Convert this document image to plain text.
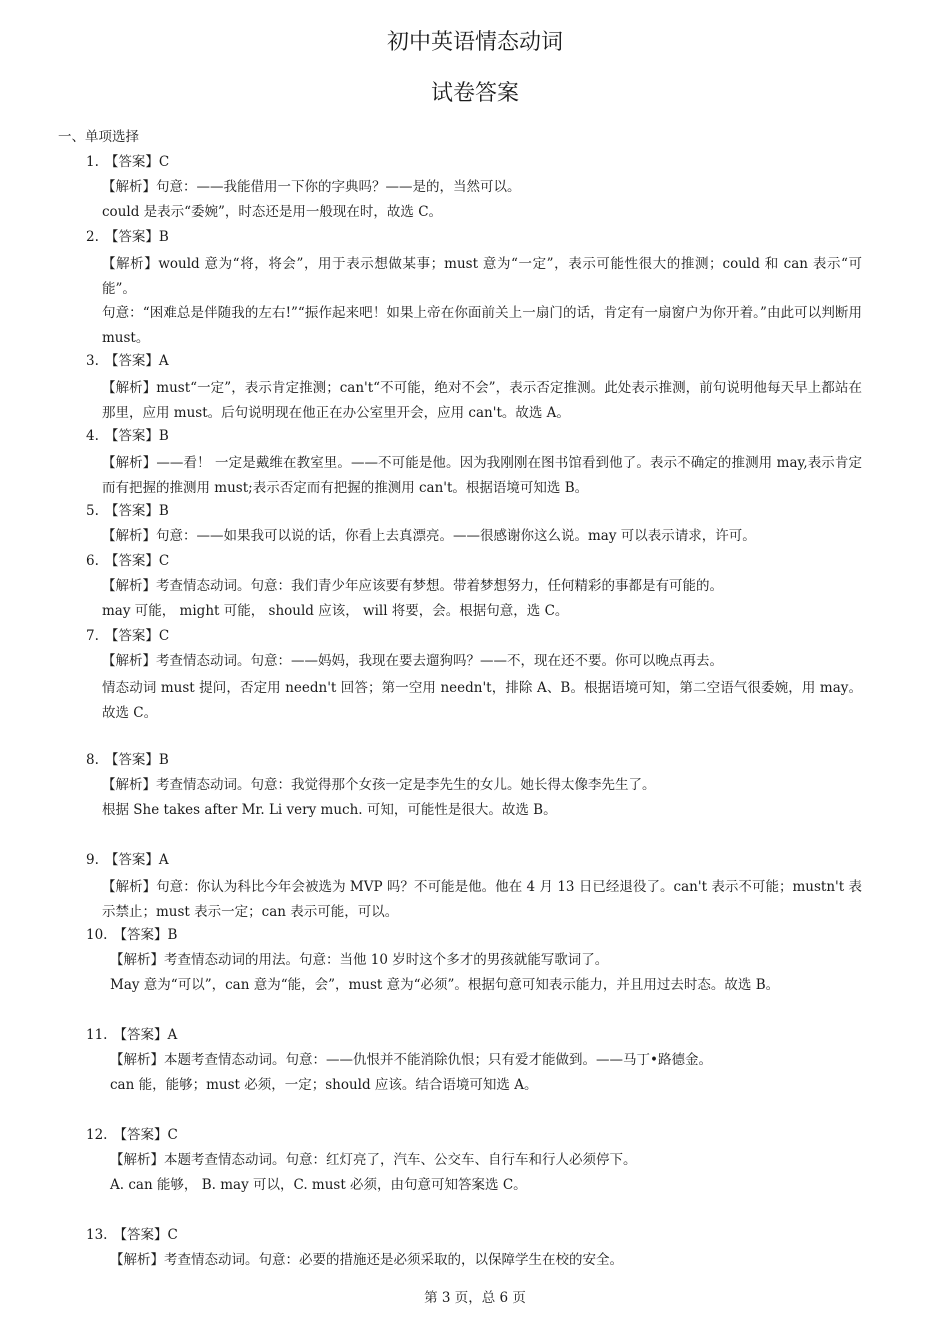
初中英语情态动词
试卷答案
一、单项选择
1. 【答案】C
【解析】句意：——我能借用一下你的字典吗？——是的，当然可以。
could 是表示“委婉”，时态还是用一般现在时，故选 C。
2. 【答案】B
【解析】would 意为“将，将会”，用于表示想做某事；must 意为“一定”，表示可能性很大的推测；could 和 can 表示“可能”。
句意：“困难总是伴随我的左右!”“振作起来吧！如果上帝在你面前关上一扇门的话，肯定有一扇窗户为你开着。”由此可以判断用 must。
3. 【答案】A
【解析】must“一定”，表示肯定推测；can't“不可能，绝对不会”，表示否定推测。此处表示推测，前句说明他每天早上都站在那里，应用 must。后句说明现在他正在办公室里开会，应用 can't。故选 A。
4. 【答案】B
【解析】——看！ 一定是戴维在教室里。——不可能是他。因为我刚刚在图书馆看到他了。表示不确定的推测用 may,表示肯定而有把握的推测用 must;表示否定而有把握的推测用 can't。根据语境可知选 B。
5. 【答案】B
【解析】句意：——如果我可以说的话，你看上去真漂亮。——很感谢你这么说。may 可以表示请求，许可。
6. 【答案】C
【解析】考查情态动词。句意：我们青少年应该要有梦想。带着梦想努力，任何精彩的事都是有可能的。
may 可能， might 可能， should 应该， will 将要，会。根据句意，选 C。
7. 【答案】C
【解析】考查情态动词。句意：——妈妈，我现在要去遛狗吗？——不，现在还不要。你可以晚点再去。
情态动词 must 提问，否定用 needn't 回答；第一空用 needn't，排除 A、B。根据语境可知，第二空语气很委婉，用 may。故选 C。
8. 【答案】B
【解析】考查情态动词。句意：我觉得那个女孩一定是李先生的女儿。她长得太像李先生了。
根据 She takes after Mr. Li very much. 可知，可能性是很大。故选 B。
9. 【答案】A
【解析】句意：你认为科比今年会被选为 MVP 吗？不可能是他。他在 4 月 13 日已经退役了。can't 表示不可能；mustn't 表示禁止；must 表示一定；can 表示可能，可以。
10. 【答案】B
【解析】考查情态动词的用法。句意：当他 10 岁时这个多才的男孩就能写歌词了。
May 意为“可以”，can 意为“能，会”，must 意为“必须”。根据句意可知表示能力，并且用过去时态。故选 B。
11. 【答案】A
【解析】本题考查情态动词。句意：——仇恨并不能消除仇恨；只有爱才能做到。——马丁•路德金。
can 能，能够；must 必须，一定；should 应该。结合语境可知选 A。
12. 【答案】C
【解析】本题考查情态动词。句意：红灯亮了，汽车、公交车、自行车和行人必须停下。
A. can 能够， B. may 可以，C. must 必须，由句意可知答案选 C。
13. 【答案】C
【解析】考查情态动词。句意：必要的措施还是必须采取的，以保障学生在校的安全。
第 3 页，总 6 页
